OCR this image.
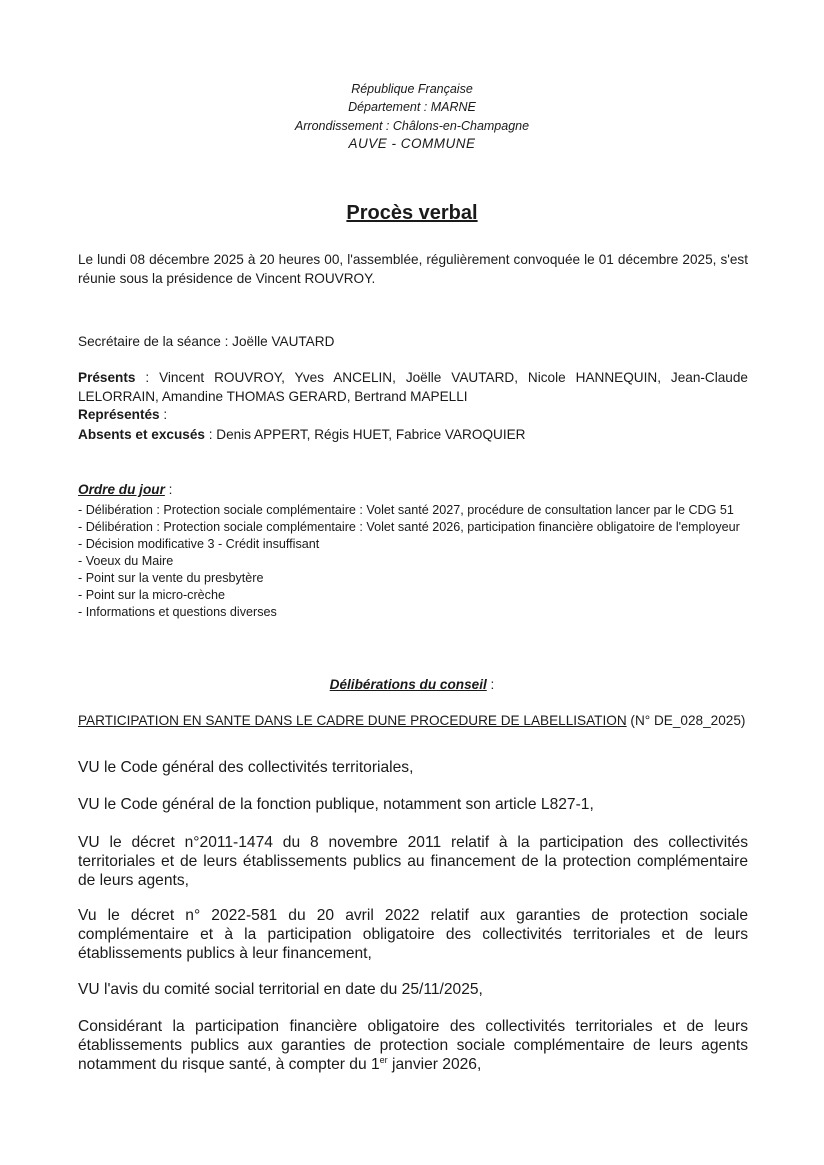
République Française
Département : MARNE
Arrondissement : Châlons-en-Champagne
AUVE - COMMUNE
Procès verbal

Le lundi 08 décembre 2025 à 20 heures 00, l'assemblée, régulièrement convoquée le 01 décembre 2025, s'est réunie sous la présidence de Vincent ROUVROY.

Secrétaire de la séance : Joëlle VAUTARD

Présents : Vincent ROUVROY, Yves ANCELIN, Joëlle VAUTARD, Nicole HANNEQUIN, Jean-Claude LELORRAIN, Amandine THOMAS GERARD, Bertrand MAPELLI

Représentés :

Absents et excusés : Denis APPERT, Régis HUET, Fabrice VAROQUIER

Ordre du jour :

- Délibération : Protection sociale complémentaire : Volet santé 2027, procédure de consultation lancer par le CDG 51

- Délibération : Protection sociale complémentaire : Volet santé 2026, participation financière obligatoire de l'employeur

- Décision modificative 3 - Crédit insuffisant

- Voeux du Maire

- Point sur la vente du presbytère

- Point sur la micro-crèche

- Informations et questions diverses

Délibérations du conseil :

PARTICIPATION EN SANTE DANS LE CADRE DUNE PROCEDURE DE LABELLISATION (N° DE_028_2025)

VU le Code général des collectivités territoriales,

VU le Code général de la fonction publique, notamment son article L827-1,

VU le décret n°2011-1474 du 8 novembre 2011 relatif à la participation des collectivités territoriales et de leurs établissements publics au financement de la protection complémentaire de leurs agents,

Vu le décret n° 2022-581 du 20 avril 2022 relatif aux garanties de protection sociale complémentaire et à la participation obligatoire des collectivités territoriales et de leurs établissements publics à leur financement,

VU l'avis du comité social territorial en date du 25/11/2025,

Considérant la participation financière obligatoire des collectivités territoriales et de leurs établissements publics aux garanties de protection sociale complémentaire de leurs agents notamment du risque santé, à compter du 1er janvier 2026,
